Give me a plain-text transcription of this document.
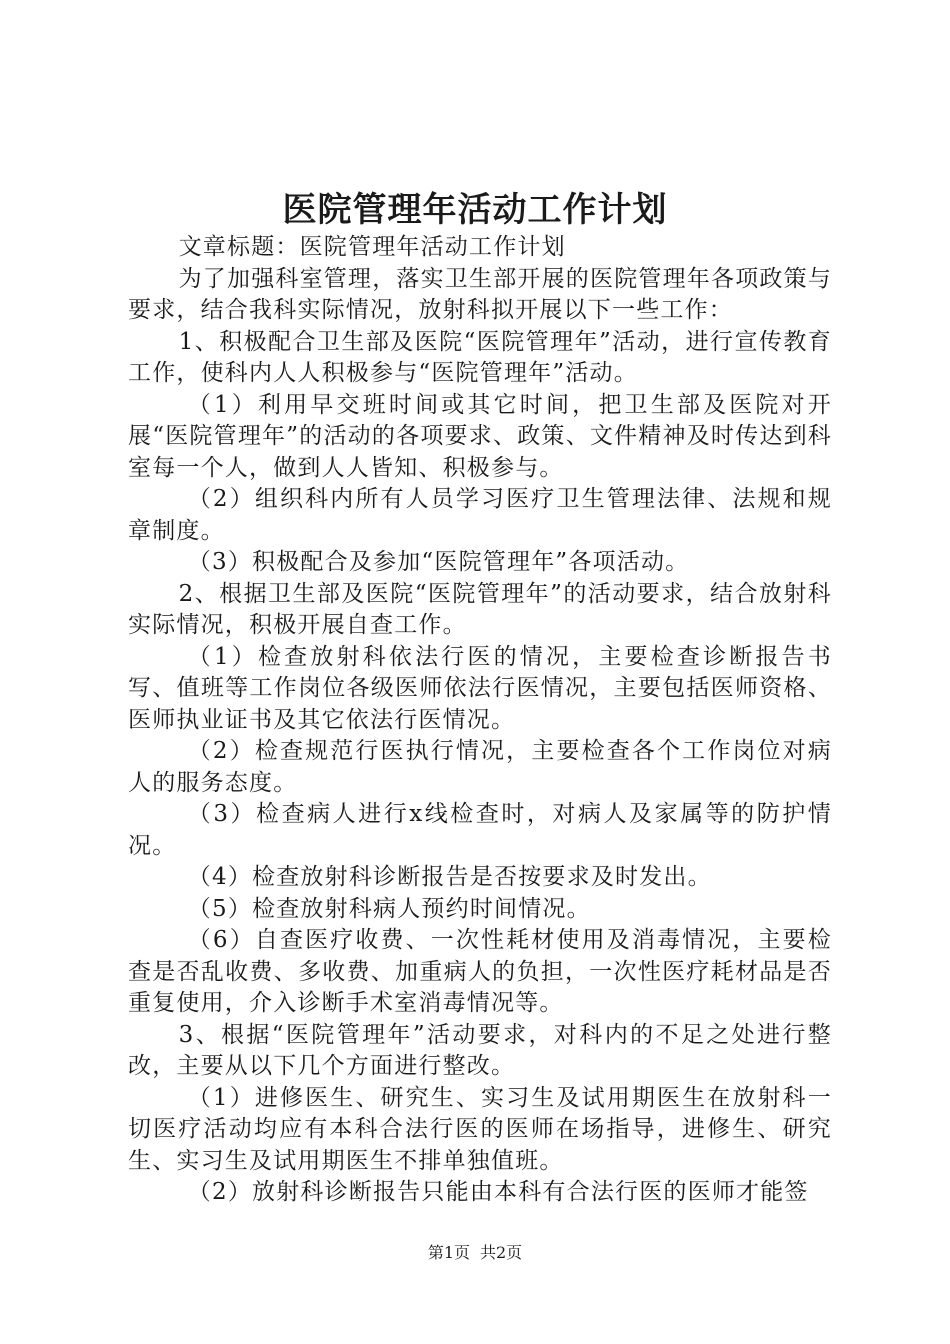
医院管理年活动工作计划

文章标题：医院管理年活动工作计划

为了加强科室管理，落实卫生部开展的医院管理年各项政策与要求，结合我科实际情况，放射科拟开展以下一些工作：

1、积极配合卫生部及医院“医院管理年”活动，进行宣传教育工作，使科内人人积极参与“医院管理年”活动。

（1）利用早交班时间或其它时间，把卫生部及医院对开展“医院管理年”的活动的各项要求、政策、文件精神及时传达到科室每一个人，做到人人皆知、积极参与。

（2）组织科内所有人员学习医疗卫生管理法律、法规和规章制度。

（3）积极配合及参加“医院管理年”各项活动。

2、根据卫生部及医院“医院管理年”的活动要求，结合放射科实际情况，积极开展自查工作。

（1）检查放射科依法行医的情况，主要检查诊断报告书写、值班等工作岗位各级医师依法行医情况，主要包括医师资格、医师执业证书及其它依法行医情况。

（2）检查规范行医执行情况，主要检查各个工作岗位对病人的服务态度。

（3）检查病人进行x线检查时，对病人及家属等的防护情况。

（4）检查放射科诊断报告是否按要求及时发出。

（5）检查放射科病人预约时间情况。

（6）自查医疗收费、一次性耗材使用及消毒情况，主要检查是否乱收费、多收费、加重病人的负担，一次性医疗耗材品是否重复使用，介入诊断手术室消毒情况等。

3、根据“医院管理年”活动要求，对科内的不足之处进行整改，主要从以下几个方面进行整改。

（1）进修医生、研究生、实习生及试用期医生在放射科一切医疗活动均应有本科合法行医的医师在场指导，进修生、研究生、实习生及试用期医生不排单独值班。

（2）放射科诊断报告只能由本科有合法行医的医师才能签

第1页 共2页
